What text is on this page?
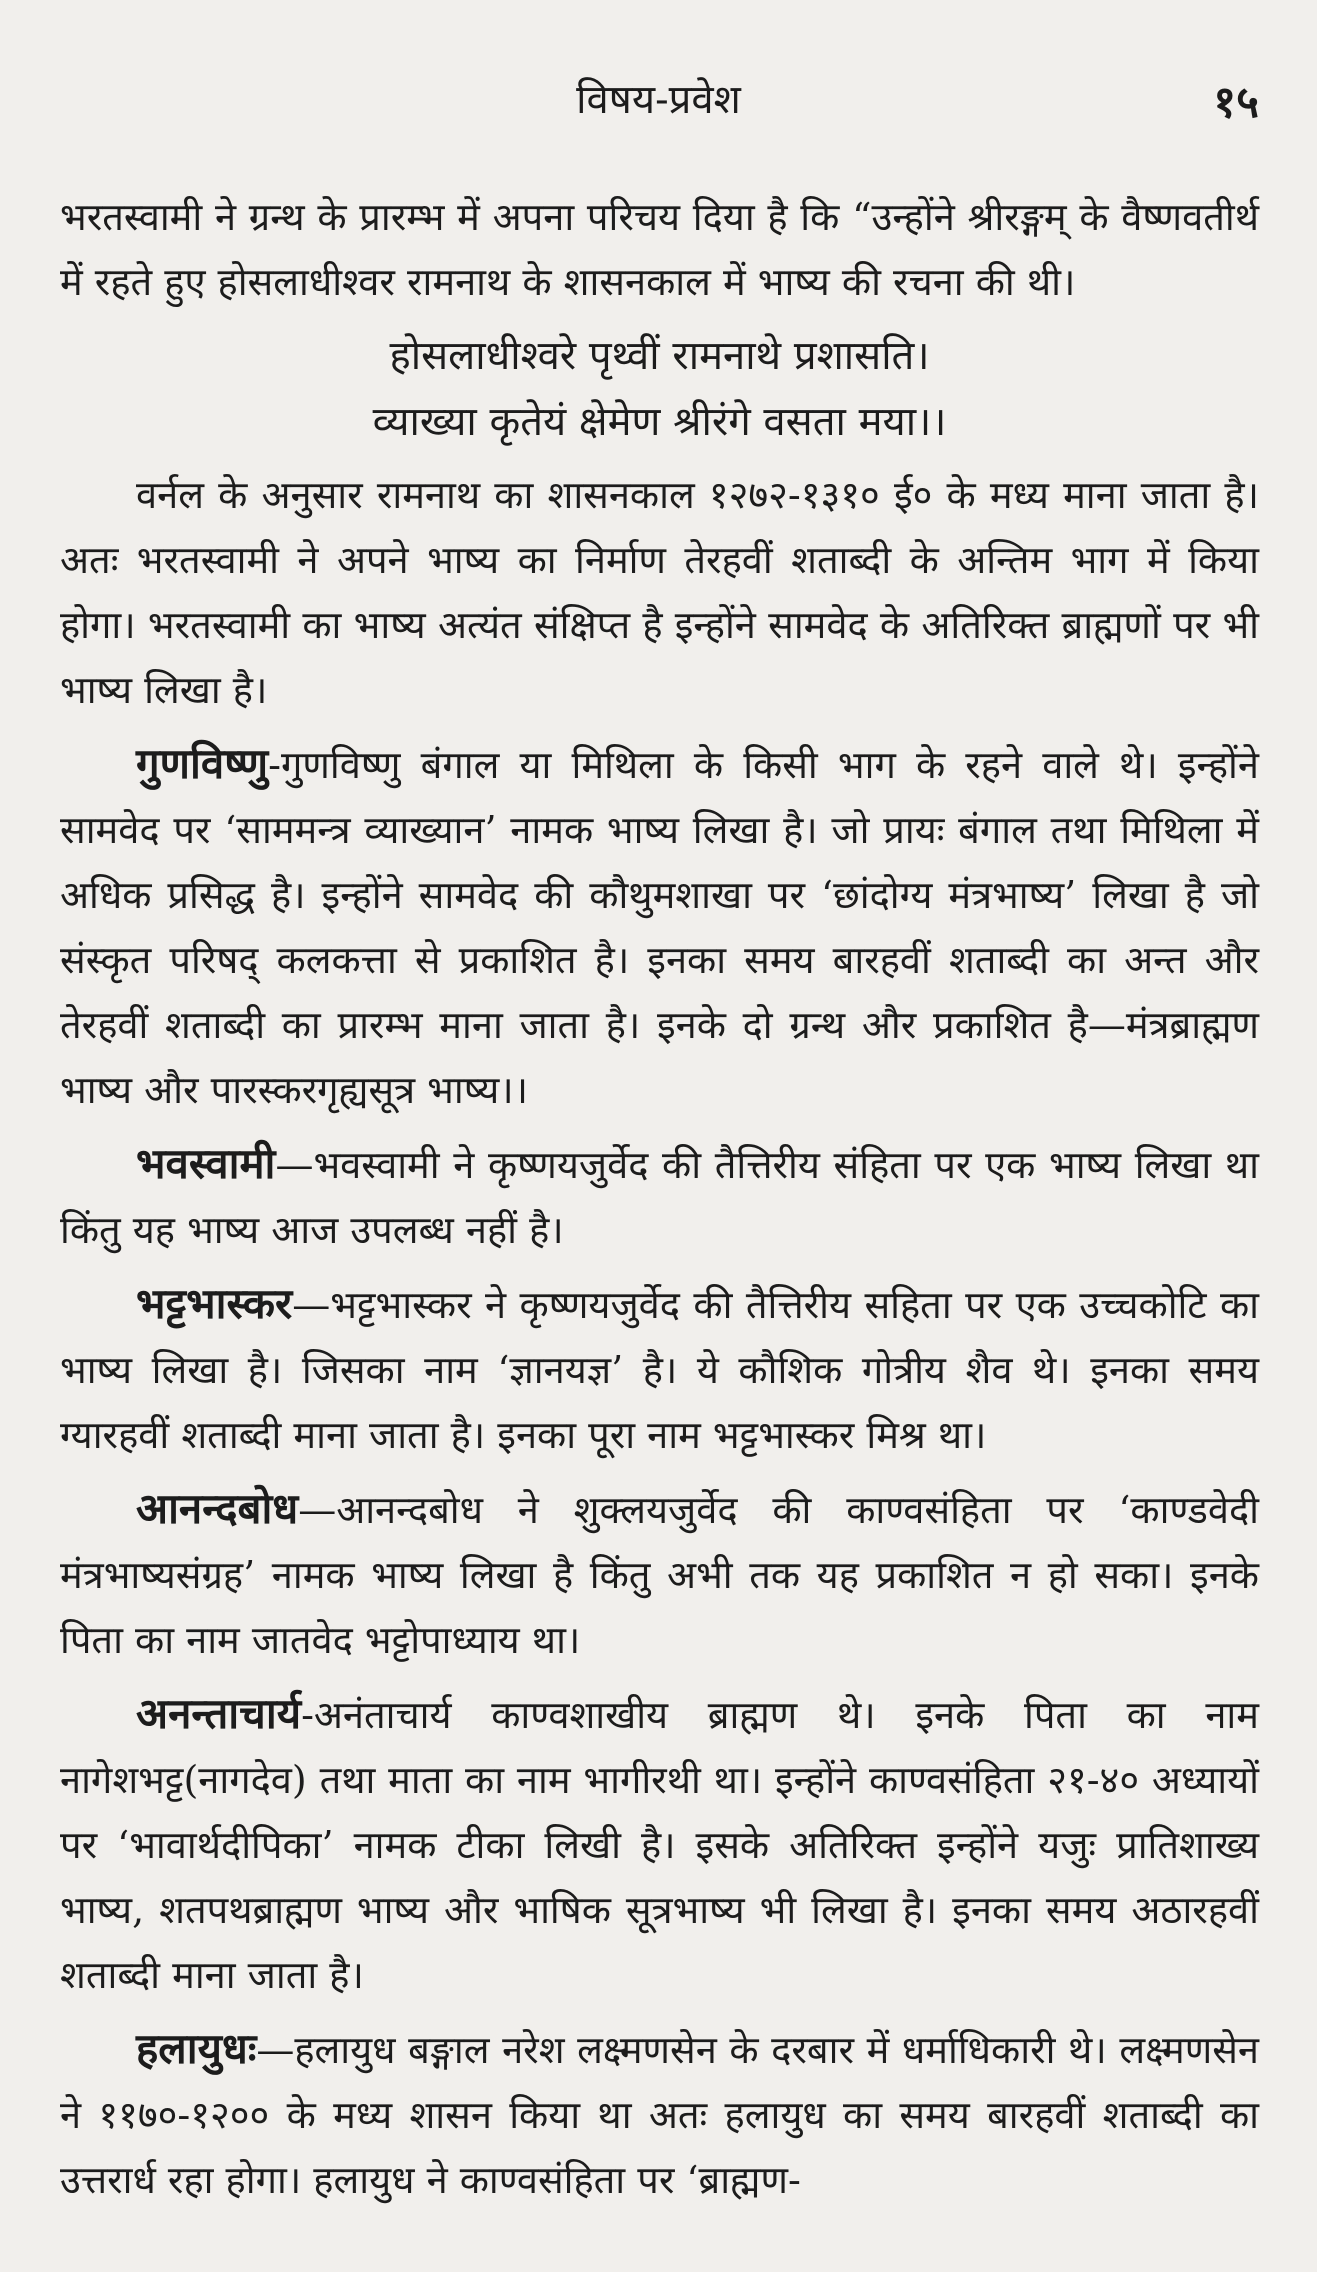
विषय-प्रवेश	१५

भरतस्वामी ने ग्रन्थ के प्रारम्भ में अपना परिचय दिया है कि “उन्होंने श्रीरङ्गम् के वैष्णवतीर्थ में रहते हुए होसलाधीश्वर रामनाथ के शासनकाल में भाष्य की रचना की थी।

होसलाधीश्वरे पृथ्वीं रामनाथे प्रशासति।
व्याख्या कृतेयं क्षेमेण श्रीरंगे वसता मया।।

वर्नल के अनुसार रामनाथ का शासनकाल १२७२-१३१० ई० के मध्य माना जाता है। अतः भरतस्वामी ने अपने भाष्य का निर्माण तेरहवीं शताब्दी के अन्तिम भाग में किया होगा। भरतस्वामी का भाष्य अत्यंत संक्षिप्त है इन्होंने सामवेद के अतिरिक्त ब्राह्मणों पर भी भाष्य लिखा है।

गुणविष्णु-गुणविष्णु बंगाल या मिथिला के किसी भाग के रहने वाले थे। इन्होंने सामवेद पर ‘साममन्त्र व्याख्यान’ नामक भाष्य लिखा है। जो प्रायः बंगाल तथा मिथिला में अधिक प्रसिद्ध है। इन्होंने सामवेद की कौथुमशाखा पर ‘छांदोग्य मंत्रभाष्य’ लिखा है जो संस्कृत परिषद् कलकत्ता से प्रकाशित है। इनका समय बारहवीं शताब्दी का अन्त और तेरहवीं शताब्दी का प्रारम्भ माना जाता है। इनके दो ग्रन्थ और प्रकाशित है—मंत्रब्राह्मण भाष्य और पारस्करगृह्यसूत्र भाष्य।।

भवस्वामी—भवस्वामी ने कृष्णयजुर्वेद की तैत्तिरीय संहिता पर एक भाष्य लिखा था किंतु यह भाष्य आज उपलब्ध नहीं है।

भट्टभास्कर—भट्टभास्कर ने कृष्णयजुर्वेद की तैत्तिरीय सहिता पर एक उच्चकोटि का भाष्य लिखा है। जिसका नाम ‘ज्ञानयज्ञ’ है। ये कौशिक गोत्रीय शैव थे। इनका समय ग्यारहवीं शताब्दी माना जाता है। इनका पूरा नाम भट्टभास्कर मिश्र था।

आनन्दबोध—आनन्दबोध ने शुक्लयजुर्वेद की काण्वसंहिता पर ‘काण्डवेदी मंत्रभाष्यसंग्रह’ नामक भाष्य लिखा है किंतु अभी तक यह प्रकाशित न हो सका। इनके पिता का नाम जातवेद भट्टोपाध्याय था।

अनन्ताचार्य-अनंताचार्य काण्वशाखीय ब्राह्मण थे। इनके पिता का नाम नागेशभट्ट(नागदेव) तथा माता का नाम भागीरथी था। इन्होंने काण्वसंहिता २१-४० अध्यायों पर ‘भावार्थदीपिका’ नामक टीका लिखी है। इसके अतिरिक्त इन्होंने यजुः प्रातिशाख्य भाष्य, शतपथब्राह्मण भाष्य और भाषिक सूत्रभाष्य भी लिखा है। इनका समय अठारहवीं शताब्दी माना जाता है।

हलायुधः—हलायुध बङ्गाल नरेश लक्ष्मणसेन के दरबार में धर्माधिकारी थे। लक्ष्मणसेन ने ११७०-१२०० के मध्य शासन किया था अतः हलायुध का समय बारहवीं शताब्दी का उत्तरार्ध रहा होगा। हलायुध ने काण्वसंहिता पर ‘ब्राह्मण-
